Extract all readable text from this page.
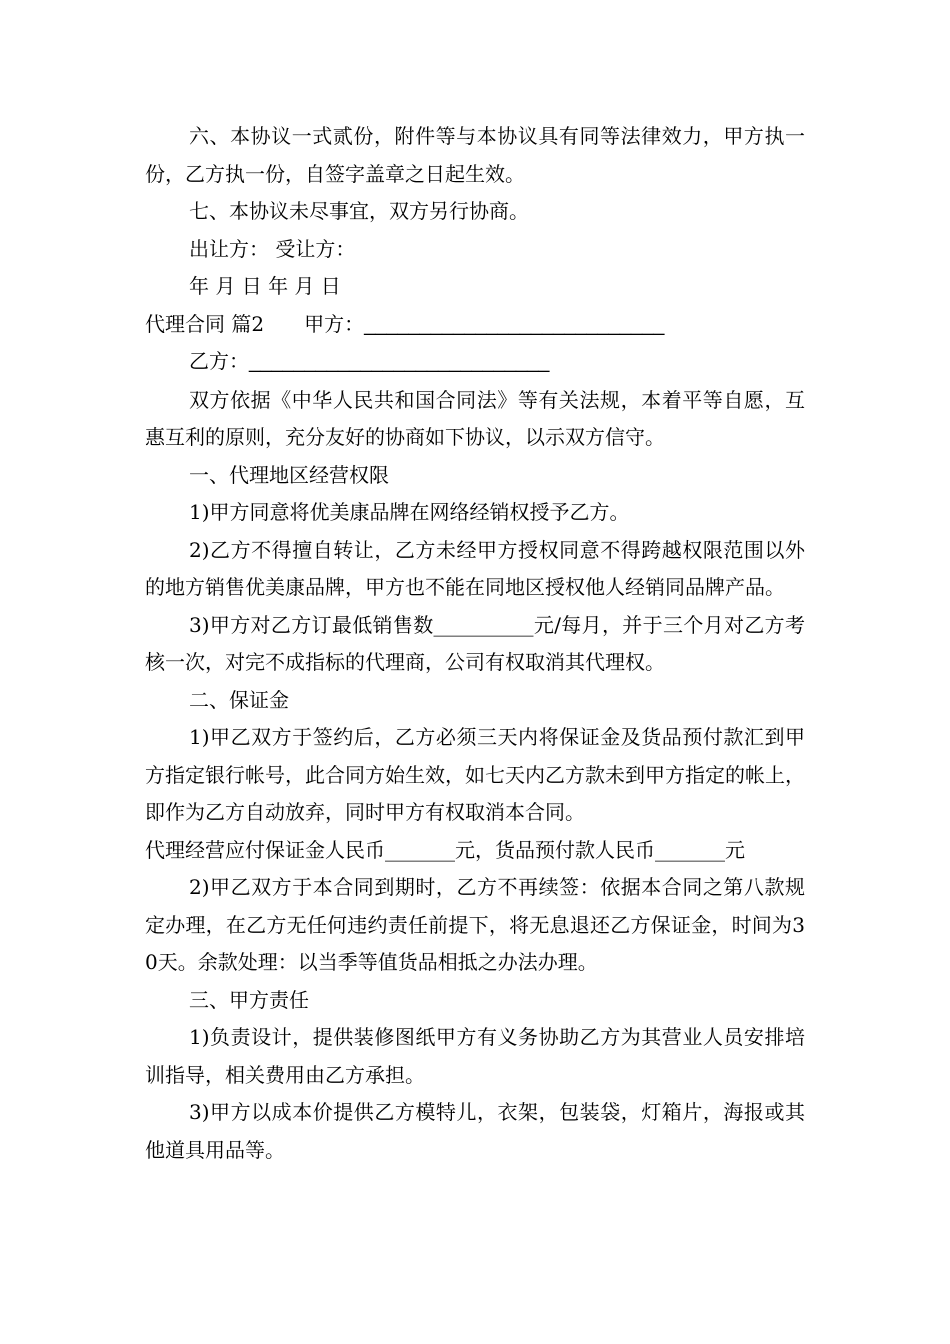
六、本协议一式贰份，附件等与本协议具有同等法律效力，甲方执一份，乙方执一份，自签字盖章之日起生效。

七、本协议未尽事宜，双方另行协商。

出让方： 受让方：

年 月 日 年 月 日

代理合同 篇2 甲方：___________________________

乙方：___________________________

双方依据《中华人民共和国合同法》等有关法规，本着平等自愿，互惠互利的原则，充分友好的协商如下协议，以示双方信守。

一、代理地区经营权限

1)甲方同意将优美康品牌在网络经销权授予乙方。

2)乙方不得擅自转让，乙方未经甲方授权同意不得跨越权限范围以外的地方销售优美康品牌，甲方也不能在同地区授权他人经销同品牌产品。

3)甲方对乙方订最低销售数__________元/每月，并于三个月对乙方考核一次，对完不成指标的代理商，公司有权取消其代理权。

二、保证金

1)甲乙双方于签约后，乙方必须三天内将保证金及货品预付款汇到甲方指定银行帐号，此合同方始生效，如七天内乙方款未到甲方指定的帐上，即作为乙方自动放弃，同时甲方有权取消本合同。

代理经营应付保证金人民币_______元，货品预付款人民币_______元

2)甲乙双方于本合同到期时，乙方不再续签：依据本合同之第八款规定办理，在乙方无任何违约责任前提下，将无息退还乙方保证金，时间为30天。余款处理：以当季等值货品相抵之办法办理。

三、甲方责任

1)负责设计，提供装修图纸甲方有义务协助乙方为其营业人员安排培训指导，相关费用由乙方承担。

3)甲方以成本价提供乙方模特儿，衣架，包装袋，灯箱片，海报或其他道具用品等。
